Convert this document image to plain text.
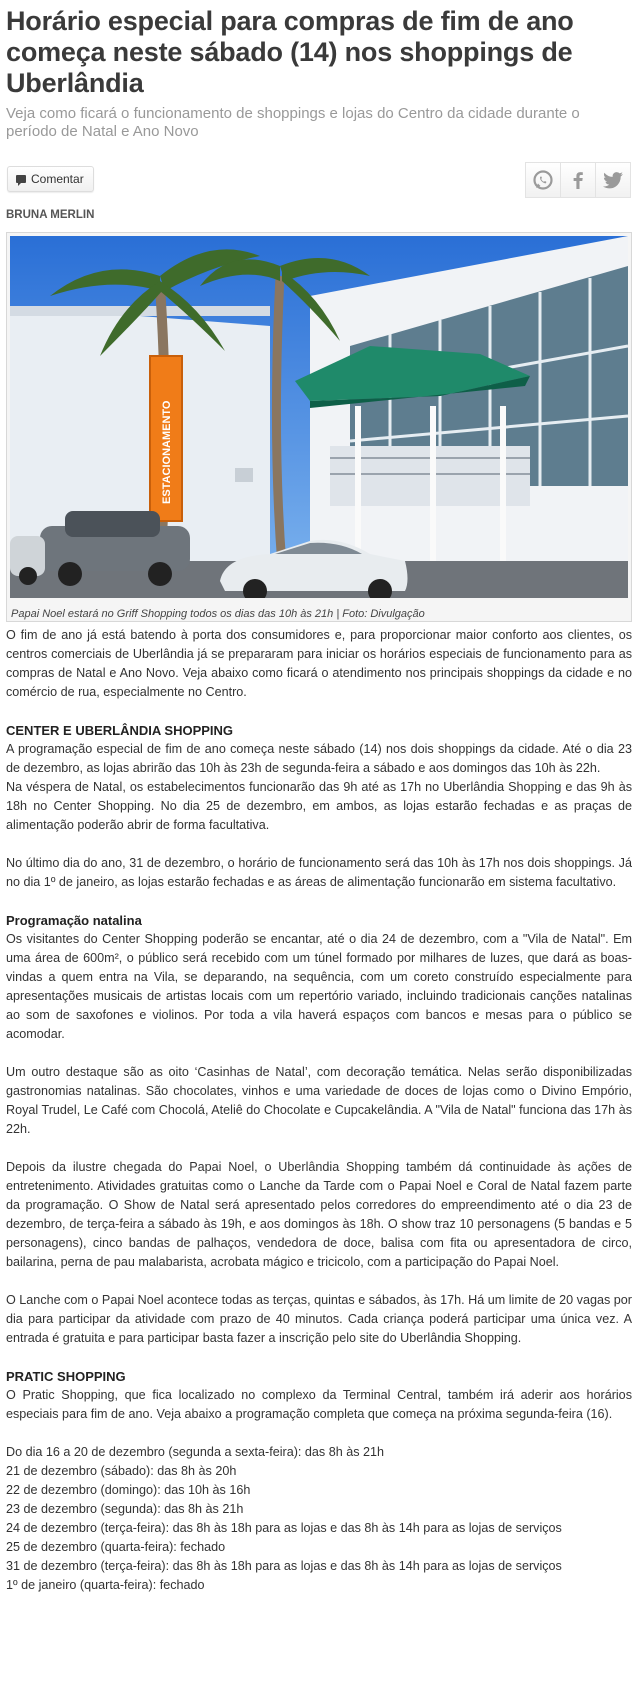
Horário especial para compras de fim de ano começa neste sábado (14) nos shoppings de Uberlândia

Veja como ficará o funcionamento de shoppings e lojas do Centro da cidade durante o período de Natal e Ano Novo

Comentar
BRUNA MERLIN
ESTACIONAMENTO
Papai Noel estará no Griff Shopping todos os dias das 10h às 21h | Foto: Divulgação

O fim de ano já está batendo à porta dos consumidores e, para proporcionar maior conforto aos clientes, os centros comerciais de Uberlândia já se prepararam para iniciar os horários especiais de funcionamento para as compras de Natal e Ano Novo. Veja abaixo como ficará o atendimento nos principais shoppings da cidade e no comércio de rua, especialmente no Centro.

CENTER E UBERLÂNDIA SHOPPING

A programação especial de fim de ano começa neste sábado (14) nos dois shoppings da cidade. Até o dia 23 de dezembro, as lojas abrirão das 10h às 23h de segunda-feira a sábado e aos domingos das 10h às 22h.

Na véspera de Natal, os estabelecimentos funcionarão das 9h até as 17h no Uberlândia Shopping e das 9h às 18h no Center Shopping. No dia 25 de dezembro, em ambos, as lojas estarão fechadas e as praças de alimentação poderão abrir de forma facultativa.

No último dia do ano, 31 de dezembro, o horário de funcionamento será das 10h às 17h nos dois shoppings. Já no dia 1º de janeiro, as lojas estarão fechadas e as áreas de alimentação funcionarão em sistema facultativo.

Programação natalina

Os visitantes do Center Shopping poderão se encantar, até o dia 24 de dezembro, com a "Vila de Natal". Em uma área de 600m², o público será recebido com um túnel formado por milhares de luzes, que dará as boas-vindas a quem entra na Vila, se deparando, na sequência, com um coreto construído especialmente para apresentações musicais de artistas locais com um repertório variado, incluindo tradicionais canções natalinas ao som de saxofones e violinos. Por toda a vila haverá espaços com bancos e mesas para o público se acomodar.

Um outro destaque são as oito ‘Casinhas de Natal’, com decoração temática. Nelas serão disponibilizadas gastronomias natalinas. São chocolates, vinhos e uma variedade de doces de lojas como o Divino Empório, Royal Trudel, Le Café com Chocolá, Ateliê do Chocolate e Cupcakelândia. A "Vila de Natal" funciona das 17h às 22h.

Depois da ilustre chegada do Papai Noel, o Uberlândia Shopping também dá continuidade às ações de entretenimento. Atividades gratuitas como o Lanche da Tarde com o Papai Noel e Coral de Natal fazem parte da programação. O Show de Natal será apresentado pelos corredores do empreendimento até o dia 23 de dezembro, de terça-feira a sábado às 19h, e aos domingos às 18h. O show traz 10 personagens (5 bandas e 5 personagens), cinco bandas de palhaços, vendedora de doce, balisa com fita ou apresentadora de circo, bailarina, perna de pau malabarista, acrobata mágico e tricicolo, com a participação do Papai Noel.

O Lanche com o Papai Noel acontece todas as terças, quintas e sábados, às 17h. Há um limite de 20 vagas por dia para participar da atividade com prazo de 40 minutos. Cada criança poderá participar uma única vez. A entrada é gratuita e para participar basta fazer a inscrição pelo site do Uberlândia Shopping.

PRATIC SHOPPING

O Pratic Shopping, que fica localizado no complexo da Terminal Central, também irá aderir aos horários especiais para fim de ano. Veja abaixo a programação completa que começa na próxima segunda-feira (16).

Do dia 16 a 20 de dezembro (segunda a sexta-feira): das 8h às 21h

21 de dezembro (sábado): das 8h às 20h

22 de dezembro (domingo): das 10h às 16h

23 de dezembro (segunda): das 8h às 21h

24 de dezembro (terça-feira): das 8h às 18h para as lojas e das 8h às 14h para as lojas de serviços

25 de dezembro (quarta-feira): fechado

31 de dezembro (terça-feira): das 8h às 18h para as lojas e das 8h às 14h para as lojas de serviços

1º de janeiro (quarta-feira): fechado
